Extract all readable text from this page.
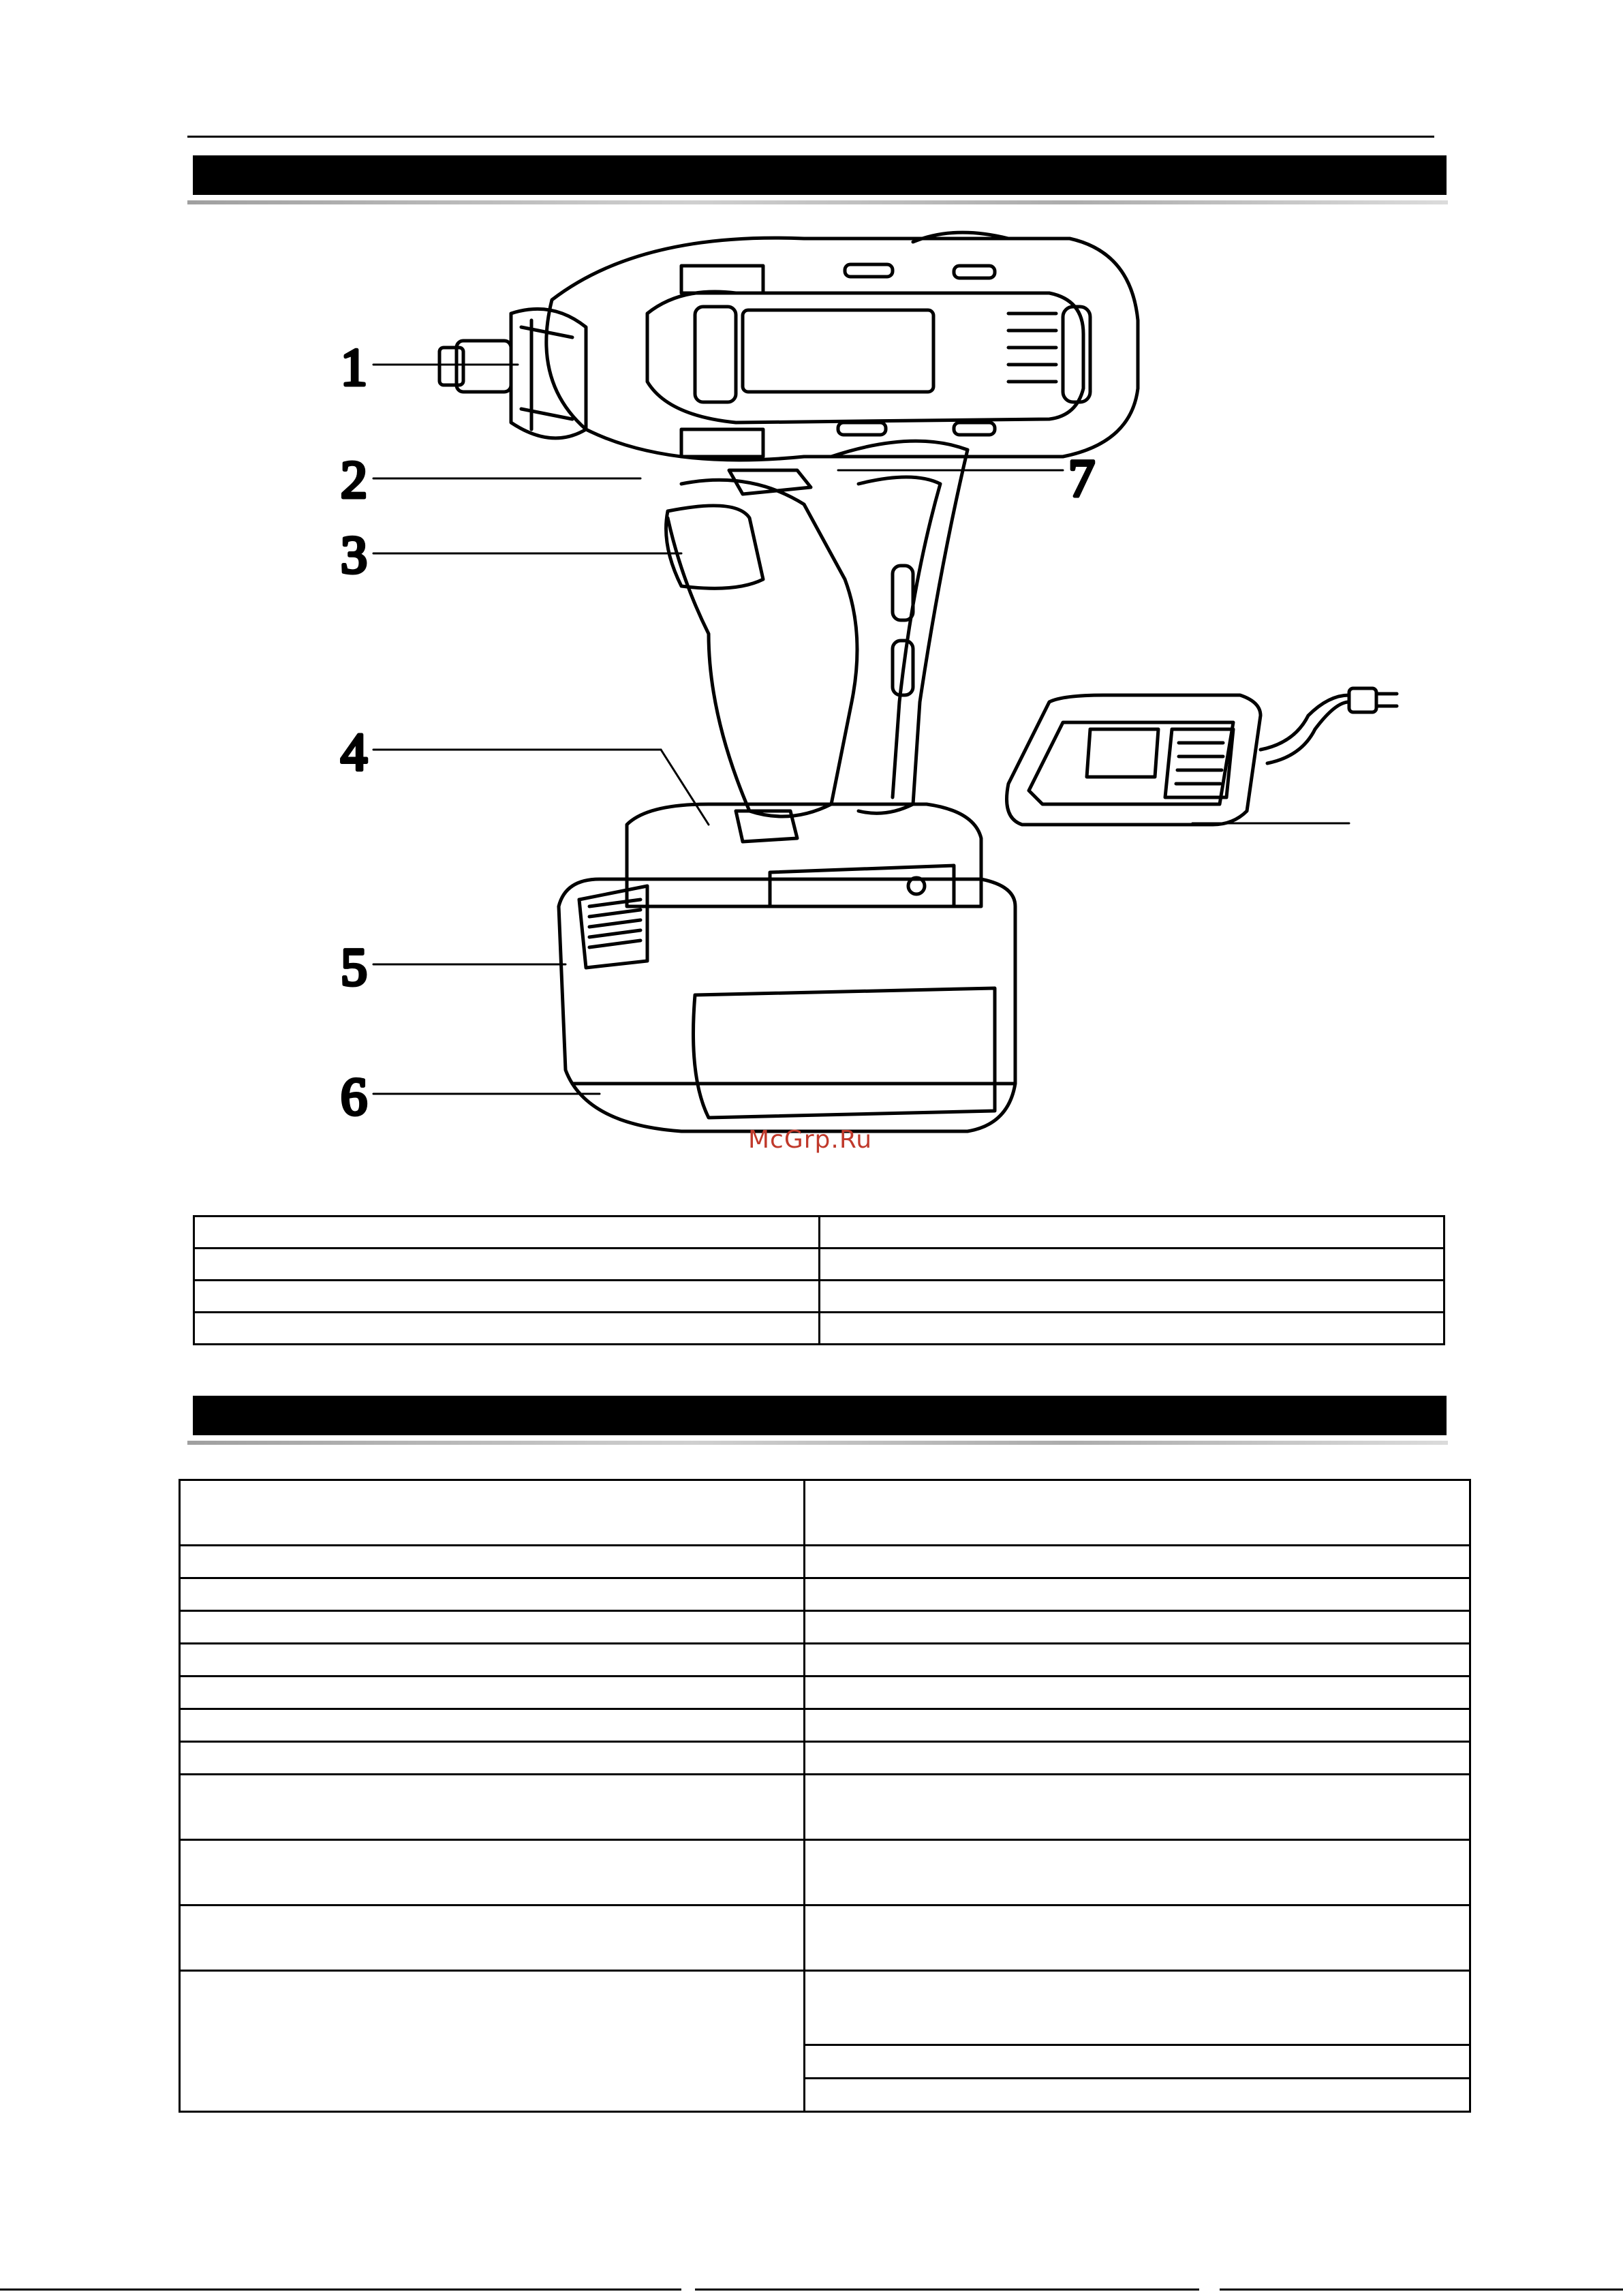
1
2
3
4
5
6
7
McGrp.Ru
